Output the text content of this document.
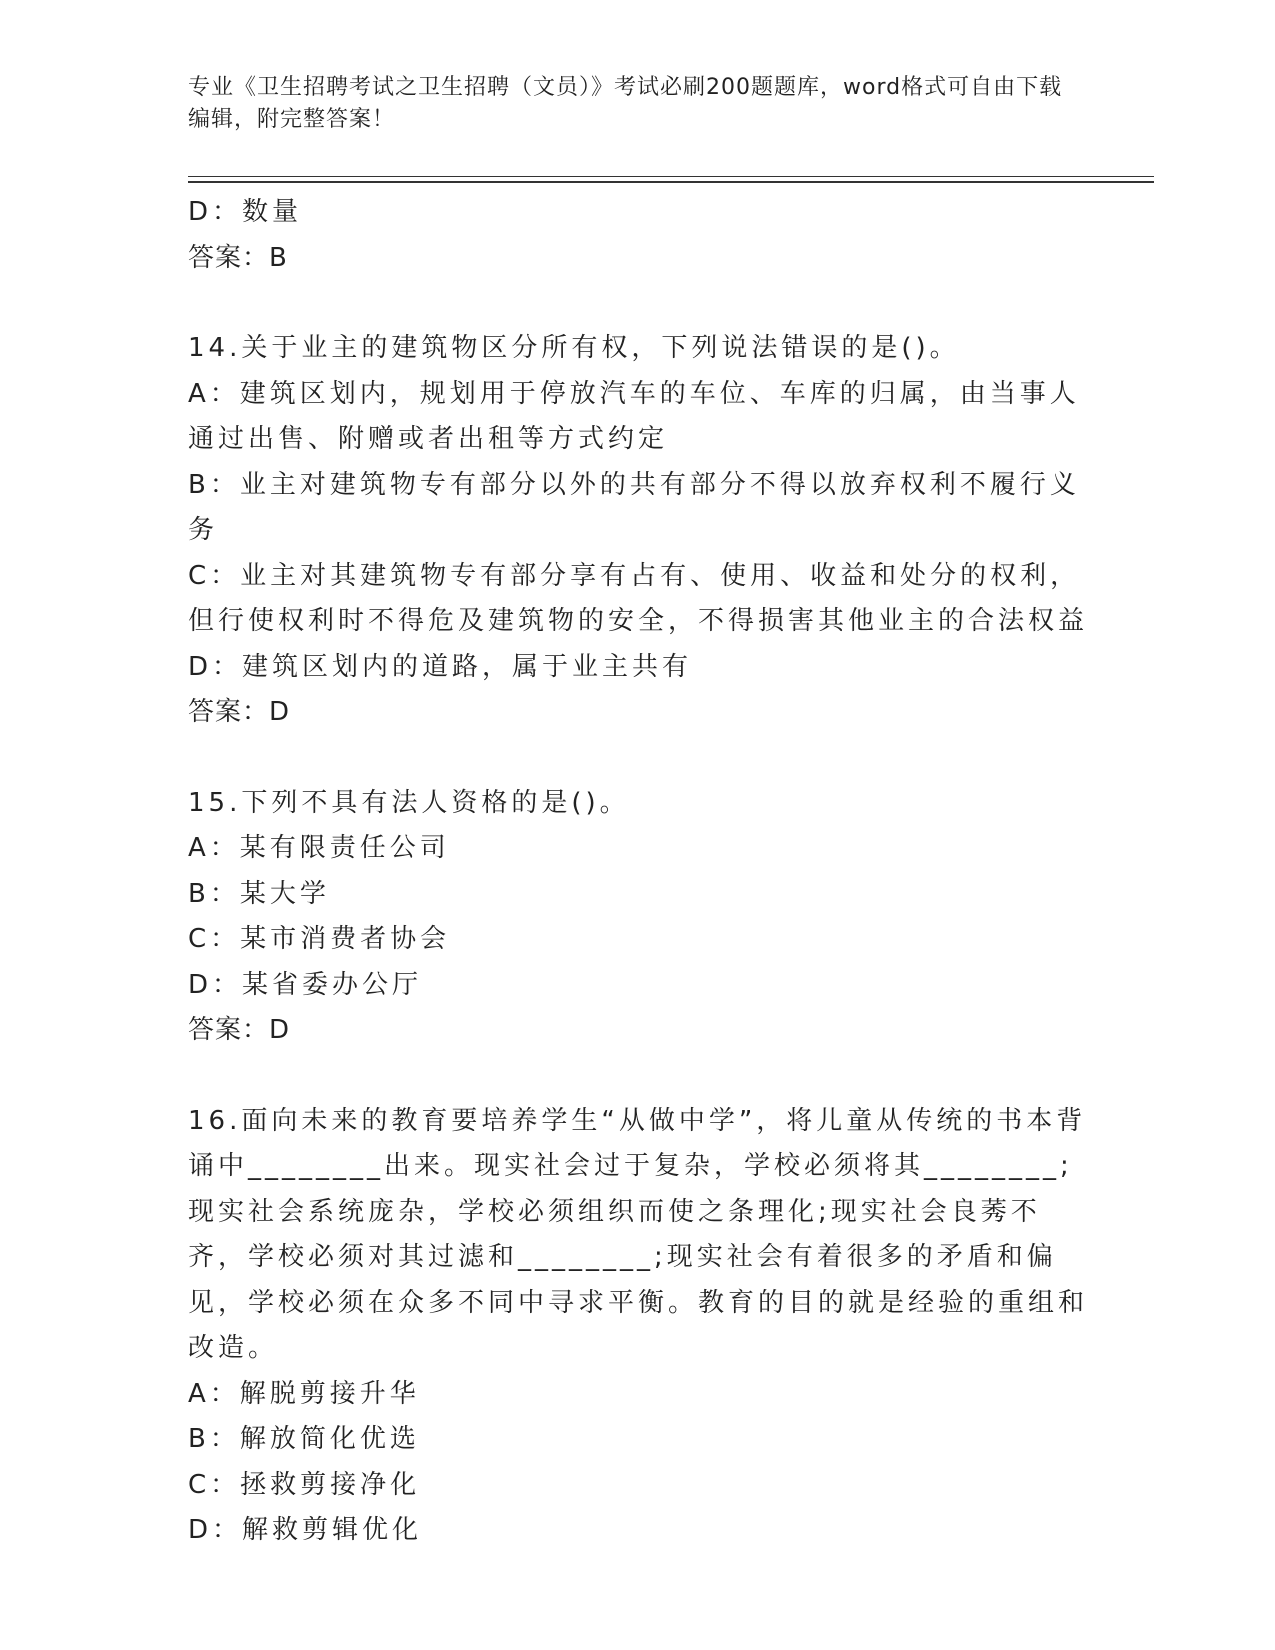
专业《卫生招聘考试之卫生招聘（文员）》考试必刷200题题库，word格式可自由下载编辑，附完整答案！

D：数量

答案：B

14.关于业主的建筑物区分所有权，下列说法错误的是()。

A：建筑区划内，规划用于停放汽车的车位、车库的归属，由当事人通过出售、附赠或者出租等方式约定

B：业主对建筑物专有部分以外的共有部分不得以放弃权利不履行义务

C：业主对其建筑物专有部分享有占有、使用、收益和处分的权利，但行使权利时不得危及建筑物的安全，不得损害其他业主的合法权益

D：建筑区划内的道路，属于业主共有

答案：D

15.下列不具有法人资格的是()。

A：某有限责任公司

B：某大学

C：某市消费者协会

D：某省委办公厅

答案：D

16.面向未来的教育要培养学生“从做中学”，将儿童从传统的书本背诵中________出来。现实社会过于复杂，学校必须将其________;现实社会系统庞杂，学校必须组织而使之条理化;现实社会良莠不齐，学校必须对其过滤和________;现实社会有着很多的矛盾和偏见，学校必须在众多不同中寻求平衡。教育的目的就是经验的重组和改造。

A：解脱剪接升华

B：解放简化优选

C：拯救剪接净化

D：解救剪辑优化
